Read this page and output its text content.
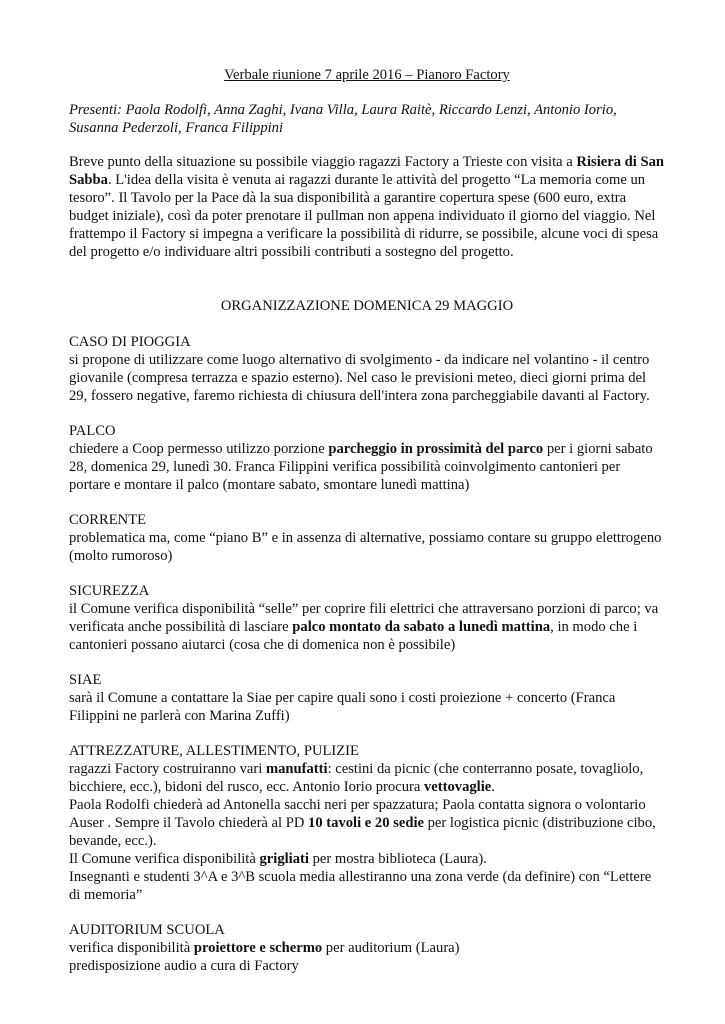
Verbale riunione 7 aprile 2016 – Pianoro Factory

Presenti: Paola Rodolfi, Anna Zaghi, Ivana Villa, Laura Raitè, Riccardo Lenzi, Antonio Iorio, Susanna Pederzoli, Franca Filippini

Breve punto della situazione su possibile viaggio ragazzi Factory a Trieste con visita a Risiera di San Sabba. L'idea della visita è venuta ai ragazzi durante le attività del progetto “La memoria come un tesoro”. Il Tavolo per la Pace dà la sua disponibilità a garantire copertura spese (600 euro, extra budget iniziale), così da poter prenotare il pullman non appena individuato il giorno del viaggio. Nel frattempo il Factory si impegna a verificare la possibilità di ridurre, se possibile, alcune voci di spesa del progetto e/o individuare altri possibili contributi a sostegno del progetto.

ORGANIZZAZIONE DOMENICA 29 MAGGIO

CASO DI PIOGGIA

si propone di utilizzare come luogo alternativo di svolgimento - da indicare nel volantino - il centro giovanile (compresa terrazza e spazio esterno). Nel caso le previsioni meteo, dieci giorni prima del 29, fossero negative, faremo richiesta di chiusura dell'intera zona parcheggiabile davanti al Factory.

PALCO

chiedere a Coop permesso utilizzo porzione parcheggio in prossimità del parco per i giorni sabato 28, domenica 29, lunedì 30. Franca Filippini verifica possibilità coinvolgimento cantonieri per portare e montare il palco (montare sabato, smontare lunedì mattina)

CORRENTE

problematica ma, come “piano B” e in assenza di alternative, possiamo contare su gruppo elettrogeno (molto rumoroso)

SICUREZZA

il Comune verifica disponibilità “selle” per coprire fili elettrici che attraversano porzioni di parco; va verificata anche possibilità di lasciare palco montato da sabato a lunedì mattina, in modo che i cantonieri possano aiutarci (cosa che di domenica non è possibile)

SIAE

sarà il Comune a contattare la Siae per capire quali sono i costi proiezione + concerto (Franca Filippini ne parlerà con Marina Zuffi)

ATTREZZATURE, ALLESTIMENTO, PULIZIE

ragazzi Factory costruiranno vari manufatti: cestini da picnic (che conterranno posate, tovagliolo, bicchiere, ecc.), bidoni del rusco, ecc. Antonio Iorio procura vettovaglie.

Paola Rodolfi chiederà ad Antonella sacchi neri per spazzatura; Paola contatta signora o volontario Auser . Sempre il Tavolo chiederà al PD 10 tavoli e 20 sedie per logistica picnic (distribuzione cibo, bevande, ecc.).

Il Comune verifica disponibilità grigliati per mostra biblioteca (Laura).

Insegnanti e studenti 3^A e 3^B scuola media allestiranno una zona verde (da definire) con “Lettere di memoria”

AUDITORIUM SCUOLA

verifica disponibilità proiettore e schermo per auditorium (Laura)

predisposizione audio a cura di Factory
